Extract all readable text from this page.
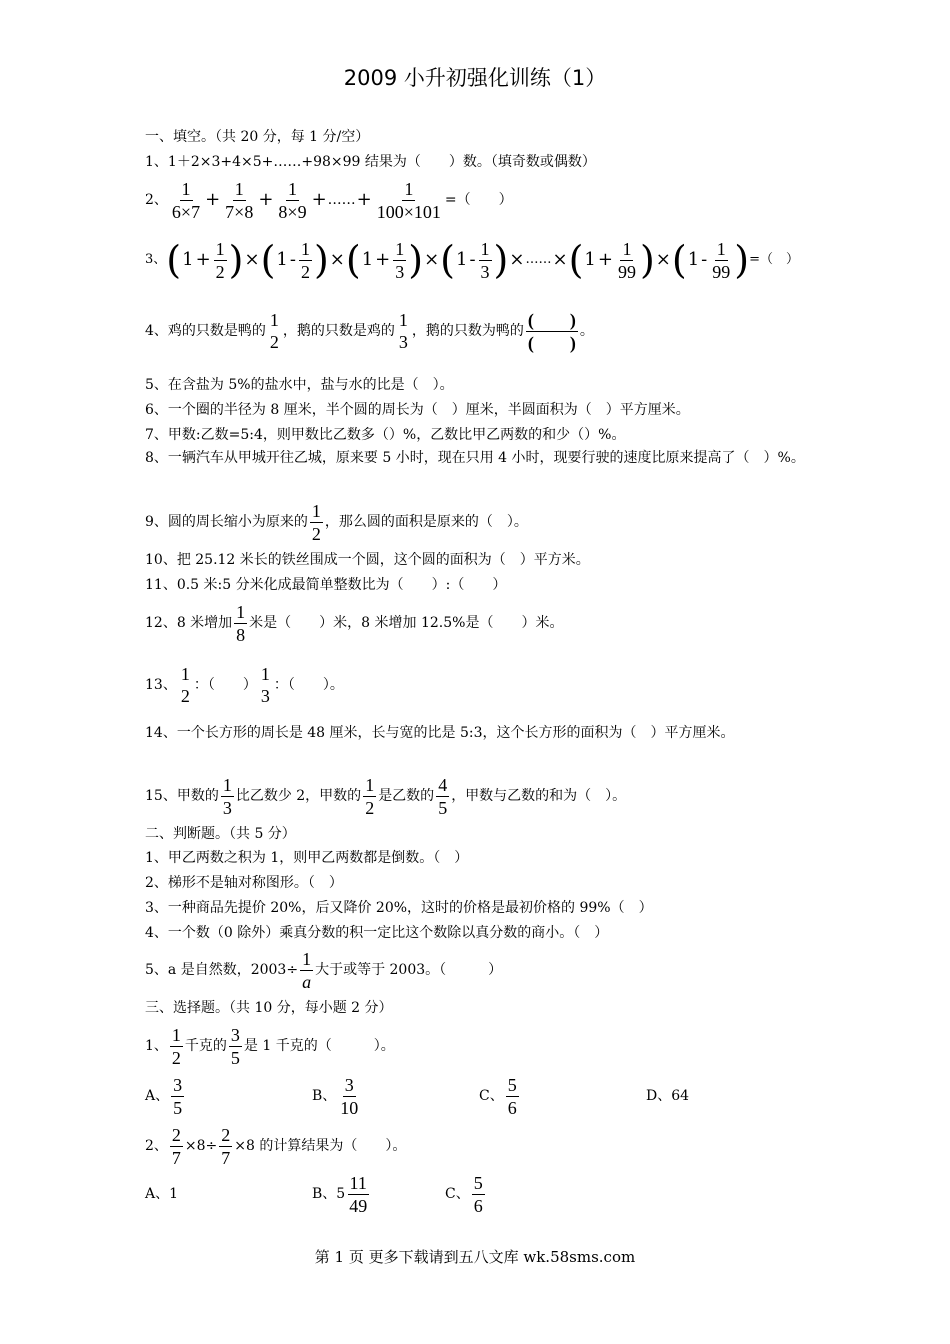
2009 小升初强化训练（1）
一、填空。（共 20 分，每 1 分/空）
1、1＋2×3+4×5+……+98×99 结果为（　　）数。（填奇数或偶数）
2、 $\frac{1}{6\times 7} + \frac{1}{7\times 8} + \frac{1}{8\times 9}$ + …… + $\frac{1}{100\times 101}$ =（　　）
3、 ( $1 + \frac{1}{2}$ ) × ( $1 - \frac{1}{2}$ ) × ( $1 + \frac{1}{3}$ ) × ( $1 - \frac{1}{3}$ ) × …… × ( $1 + \frac{1}{99}$ ) × ( $1 - \frac{1}{99}$ ) =（　）
4、鸡的只数是鸭的
1
2
，鹅的只数是鸡的
1
3
，鹅的只数为鸭的
(　　)
(　　)
。
5、在含盐为 5%的盐水中，盐与水的比是（　）。
6、一个圈的半径为 8 厘米，半个圆的周长为（　）厘米，半圆面积为（　）平方厘米。
7、甲数:乙数=5:4，则甲数比乙数多（）%，乙数比甲乙两数的和少（）%。
8、一辆汽车从甲城开往乙城，原来要 5 小时，现在只用 4 小时，现要行驶的速度比原来提高了（　）%。
9、圆的周长缩小为原来的 $\frac{1}{2}$ ，那么圆的面积是原来的（　）。
10、把 25.12 米长的铁丝围成一个圆，这个圆的面积为（　）平方米。
11、0.5 米:5 分米化成最简单整数比为（　　）:（　　）
12、8 米增加 $\frac{1}{8}$ 米是（　　）米，8 米增加 12.5%是（　　）米。
13、
1
2
：（　　）
1
3
：（　　）。
14、一个长方形的周长是 48 厘米，长与宽的比是 5:3，这个长方形的面积为（　）平方厘米。
15、甲数的 $\frac{1}{3}$ 比乙数少 2，甲数的 $\frac{1}{2}$ 是乙数的 $\frac{4}{5}$ ，甲数与乙数的和为（　）。
二、判断题。（共 5 分）
1、甲乙两数之积为 1，则甲乙两数都是倒数。（　）
2、梯形不是轴对称图形。（　）
3、一种商品先提价 20%，后又降价 20%，这时的价格是最初价格的 99%（　）
4、一个数（0 除外）乘真分数的积一定比这个数除以真分数的商小。（　）
5、a 是自然数，$2003\div \frac{1}{a}$ 大于或等于 2003。（　　　）
三、选择题。（共 10 分，每小题 2 分）
1、 $\frac{1}{2}$ 千克的 $\frac{3}{5}$ 是 1 千克的（　　　）。
A、 $\frac{3}{5}$	B、 $\frac{3}{10}$	C、 $\frac{5}{6}$	D、64
2、 $\frac{2}{7} \times 8\div \frac{2}{7} \times 8$ 的计算结果为（　　）。
A、1	B、$5 \frac{11}{49}$	C、 $\frac{5}{6}$
第 1 页 更多下载请到五八文库 wk.58sms.com
